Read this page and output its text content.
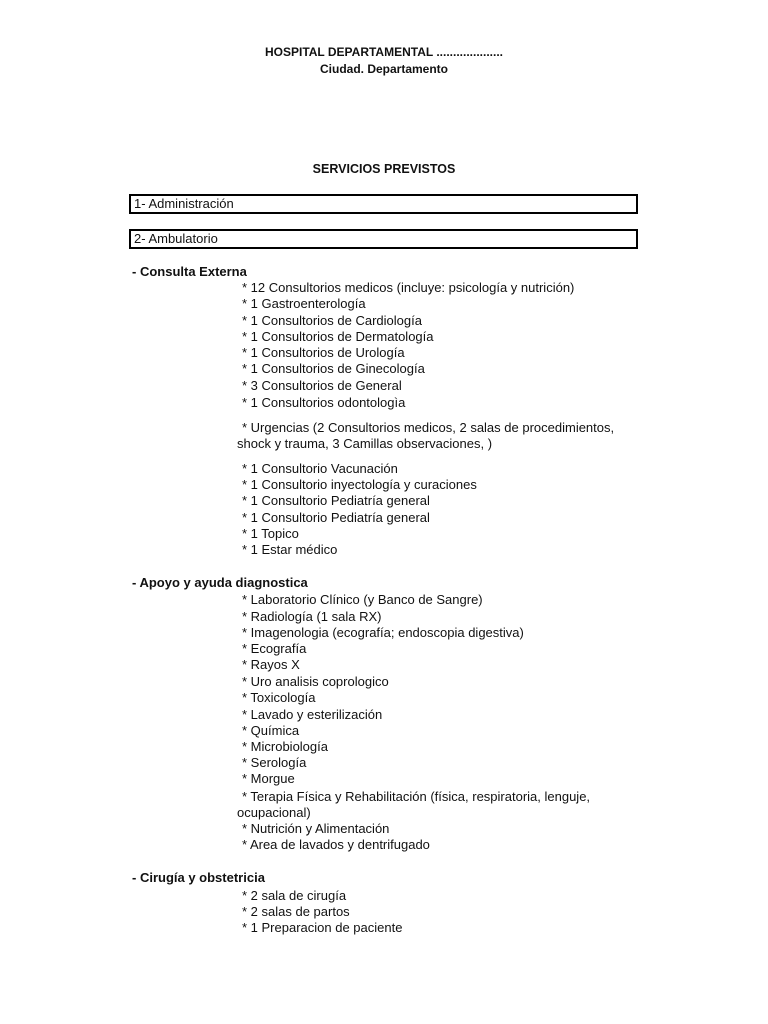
HOSPITAL DEPARTAMENTAL ....................
Ciudad. Departamento
SERVICIOS PREVISTOS
1- Administración
2- Ambulatorio
- Consulta Externa
* 12 Consultorios medicos (incluye: psicología y nutrición)
* 1 Gastroenterología
* 1 Consultorios de Cardiología
* 1 Consultorios de Dermatología
* 1 Consultorios de Urología
* 1 Consultorios de Ginecología
* 3 Consultorios de General
* 1 Consultorios odontologìa
* Urgencias (2 Consultorios medicos, 2 salas de procedimientos, shock y trauma, 3 Camillas observaciones, )
* 1 Consultorio Vacunación
* 1 Consultorio inyectología y curaciones
* 1 Consultorio Pediatría general
* 1 Consultorio Pediatría general
* 1 Topico
* 1 Estar médico
- Apoyo y ayuda diagnostica
* Laboratorio Clínico (y Banco de Sangre)
* Radiología (1 sala RX)
* Imagenologia (ecografía; endoscopia digestiva)
* Ecografía
* Rayos X
* Uro analisis coprologico
* Toxicología
* Lavado y esterilización
* Química
* Microbiología
* Serología
* Morgue
* Terapia Física y Rehabilitación (física, respiratoria, lenguje, ocupacional)
* Nutrición y Alimentación
* Area de lavados y dentrifugado
- Cirugía y obstetricia
* 2 sala de cirugía
* 2 salas de partos
* 1 Preparacion de paciente
